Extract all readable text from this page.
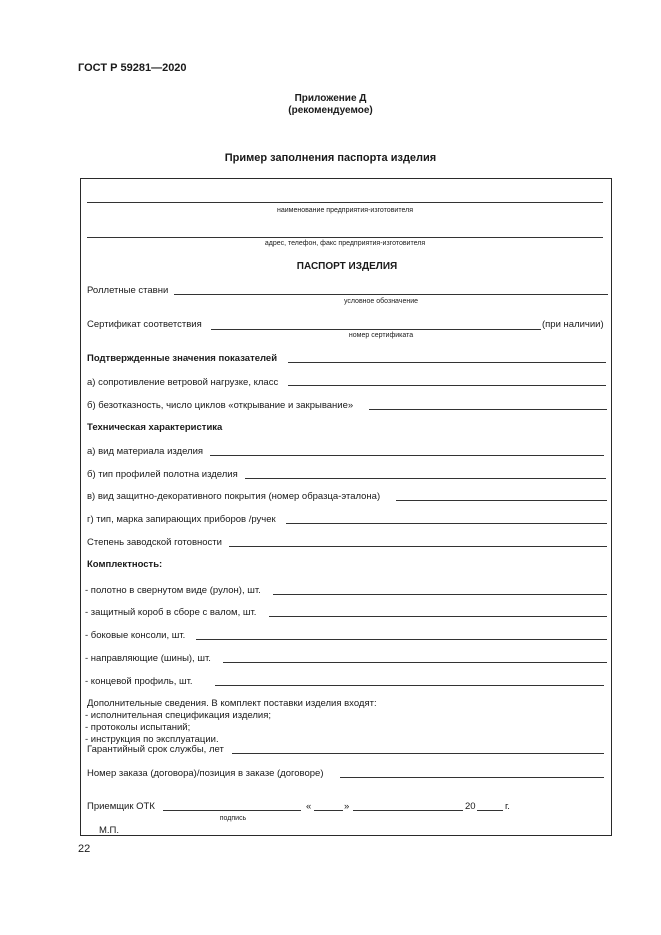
ГОСТ Р 59281—2020
Приложение Д
(рекомендуемое)
Пример заполнения паспорта изделия
наименование предприятия-изготовителя
адрес, телефон, факс предприятия-изготовителя
ПАСПОРТ ИЗДЕЛИЯ
Роллетные ставни
условное обозначение
Сертификат соответствия	(при наличии)
номер сертификата
Подтвержденные значения показателей
а) сопротивление ветровой нагрузке, класс
б) безотказность, число циклов «открывание и закрывание»
Техническая характеристика
а) вид материала изделия
б) тип профилей полотна изделия
в) вид защитно-декоративного покрытия (номер образца-эталона)
г) тип, марка запирающих приборов /ручек
Степень заводской готовности
Комплектность:
- полотно в свернутом виде (рулон), шт.
- защитный короб в сборе с валом, шт.
- боковые консоли, шт.
- направляющие (шины), шт.
- концевой профиль, шт.
Дополнительные сведения. В комплект поставки изделия входят:
- исполнительная спецификация изделия;
- протоколы испытаний;
- инструкция по эксплуатации.
Гарантийный срок службы, лет
Номер заказа (договора)/позиция в заказе (договоре)
Приемщик ОТК	«	»	20	г.
подпись
М.П.
22
